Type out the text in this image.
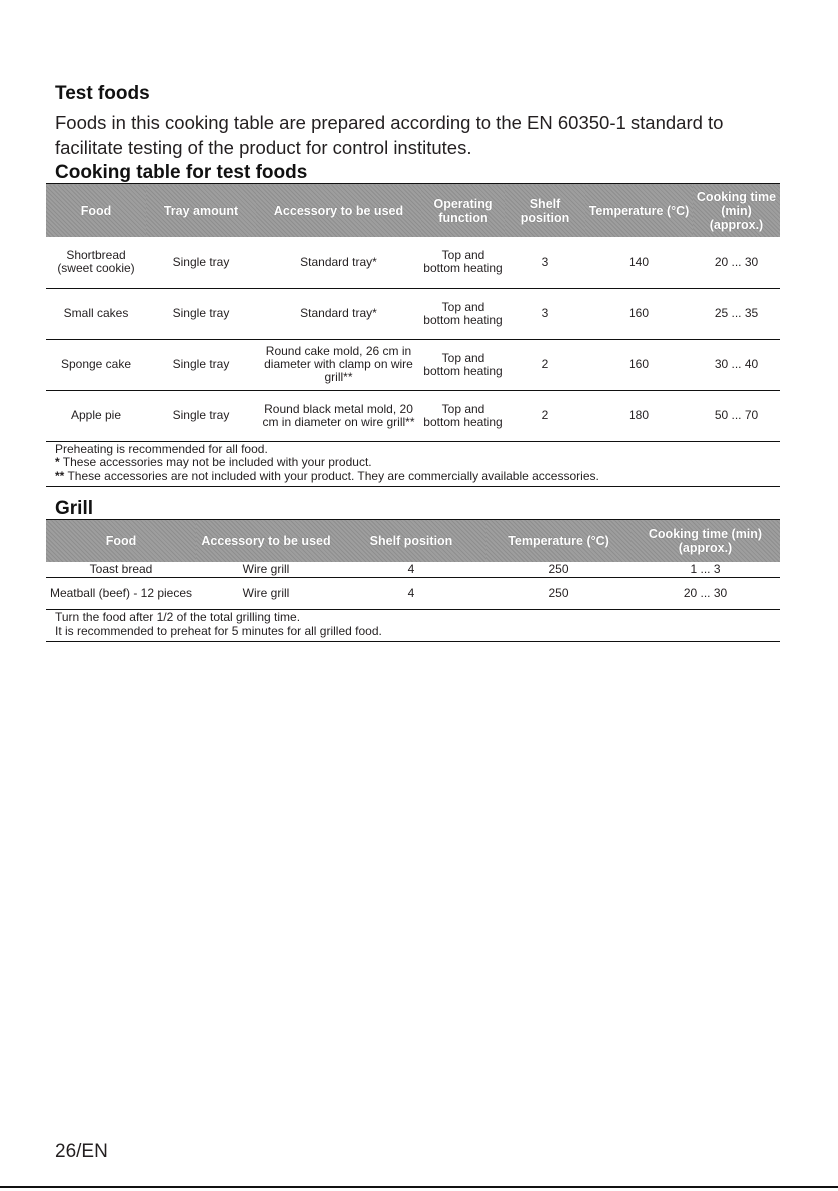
Test foods

Foods in this cooking table are prepared according to the EN 60350-1 standard to facilitate testing of the product for control institutes.

Cooking table for test foods
Food	Tray amount	Accessory to be used	Operating function	Shelf position	Temperature (°C)	Cooking time (min) (approx.)
Shortbread (sweet cookie)	Single tray	Standard tray*	Top and bottom heating	3	140	20 ... 30
Small cakes	Single tray	Standard tray*	Top and bottom heating	3	160	25 ... 35
Sponge cake	Single tray	Round cake mold, 26 cm in diameter with clamp on wire grill**	Top and bottom heating	2	160	30 ... 40
Apple pie	Single tray	Round black metal mold, 20 cm in diameter on wire grill**	Top and bottom heating	2	180	50 ... 70
Preheating is recommended for all food.
* These accessories may not be included with your product.
** These accessories are not included with your product. They are commercially available accessories.
Grill
Food	Accessory to be used	Shelf position	Temperature (°C)	Cooking time (min) (approx.)
Toast bread	Wire grill	4	250	1 ... 3
Meatball (beef) - 12 pieces	Wire grill	4	250	20 ... 30
Turn the food after 1/2 of the total grilling time.
It is recommended to preheat for 5 minutes for all grilled food.
26/EN
